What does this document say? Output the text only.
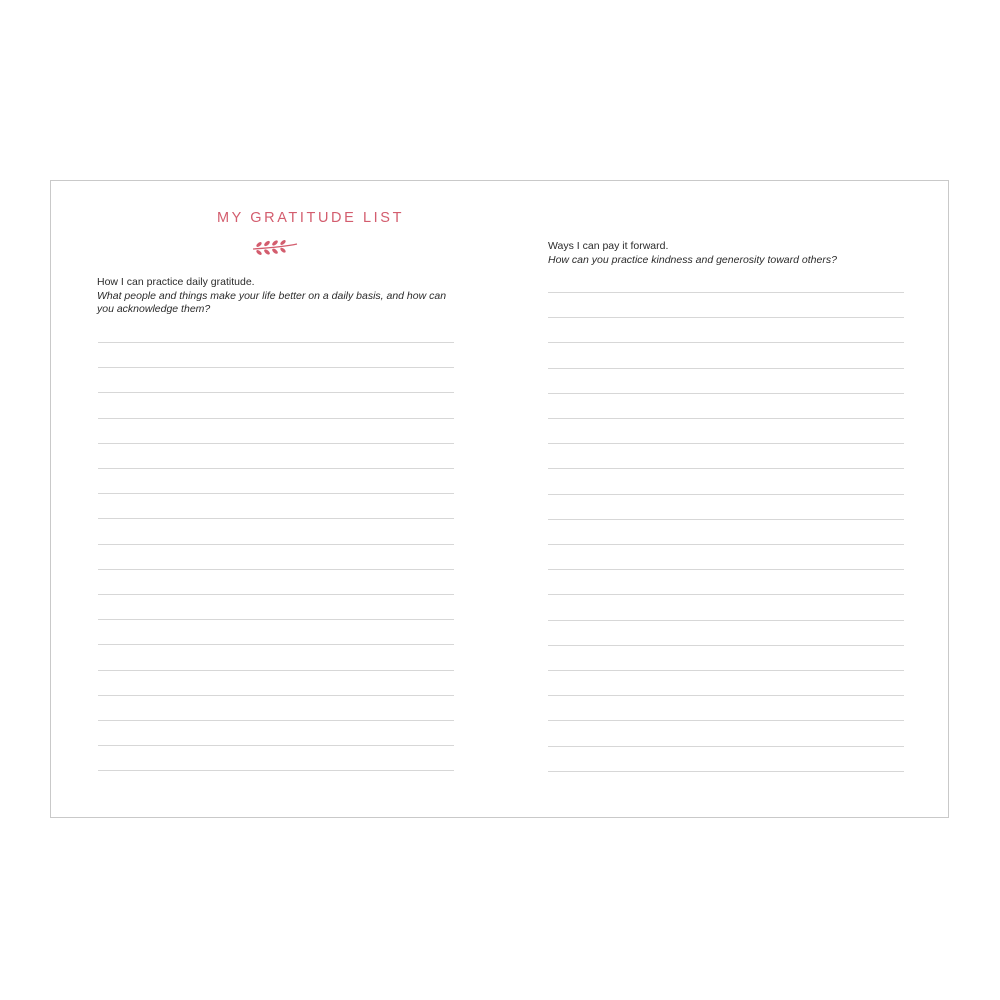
MY GRATITUDE LIST
How I can practice daily gratitude.
What people and things make your life better on a daily basis, and how can you acknowledge them?
Ways I can pay it forward.
How can you practice kindness and generosity toward others?
